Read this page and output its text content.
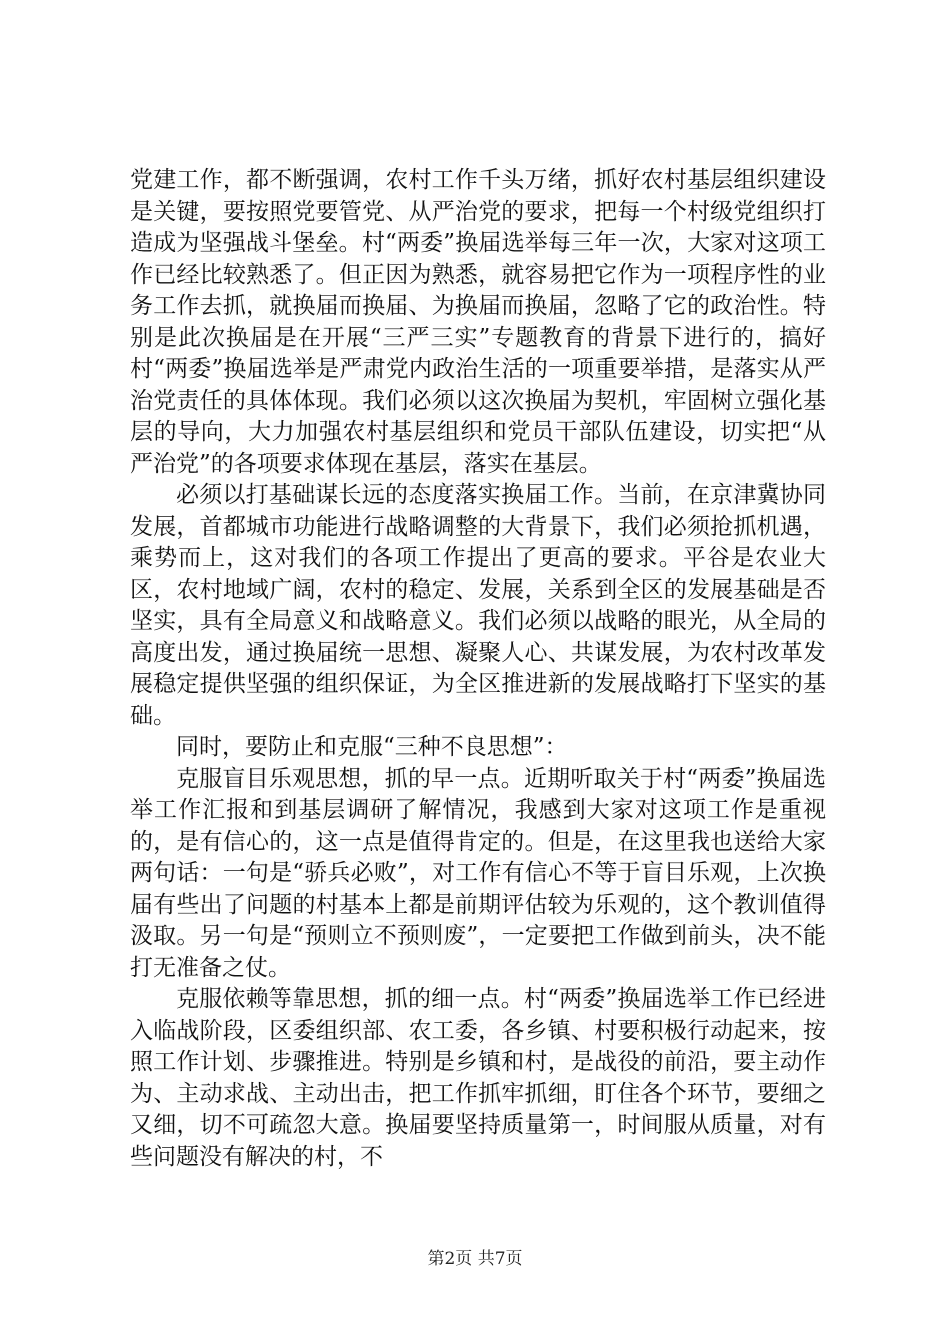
党建工作，都不断强调，农村工作千头万绪，抓好农村基层组织建设是关键，要按照党要管党、从严治党的要求，把每一个村级党组织打造成为坚强战斗堡垒。村“两委”换届选举每三年一次，大家对这项工作已经比较熟悉了。但正因为熟悉，就容易把它作为一项程序性的业务工作去抓，就换届而换届、为换届而换届，忽略了它的政治性。特别是此次换届是在开展“三严三实”专题教育的背景下进行的，搞好村“两委”换届选举是严肃党内政治生活的一项重要举措，是落实从严治党责任的具体体现。我们必须以这次换届为契机，牢固树立强化基层的导向，大力加强农村基层组织和党员干部队伍建设，切实把“从严治党”的各项要求体现在基层，落实在基层。

必须以打基础谋长远的态度落实换届工作。当前，在京津冀协同发展，首都城市功能进行战略调整的大背景下，我们必须抢抓机遇，乘势而上，这对我们的各项工作提出了更高的要求。平谷是农业大区，农村地域广阔，农村的稳定、发展，关系到全区的发展基础是否坚实，具有全局意义和战略意义。我们必须以战略的眼光，从全局的高度出发，通过换届统一思想、凝聚人心、共谋发展，为农村改革发展稳定提供坚强的组织保证，为全区推进新的发展战略打下坚实的基础。

同时，要防止和克服“三种不良思想”：

克服盲目乐观思想，抓的早一点。近期听取关于村“两委”换届选举工作汇报和到基层调研了解情况，我感到大家对这项工作是重视的，是有信心的，这一点是值得肯定的。但是，在这里我也送给大家两句话：一句是“骄兵必败”，对工作有信心不等于盲目乐观，上次换届有些出了问题的村基本上都是前期评估较为乐观的，这个教训值得汲取。另一句是“预则立不预则废”，一定要把工作做到前头，决不能打无准备之仗。

克服依赖等靠思想，抓的细一点。村“两委”换届选举工作已经进入临战阶段，区委组织部、农工委，各乡镇、村要积极行动起来，按照工作计划、步骤推进。特别是乡镇和村，是战役的前沿，要主动作为、主动求战、主动出击，把工作抓牢抓细，盯住各个环节，要细之又细，切不可疏忽大意。换届要坚持质量第一，时间服从质量，对有些问题没有解决的村，不

第2页 共7页
